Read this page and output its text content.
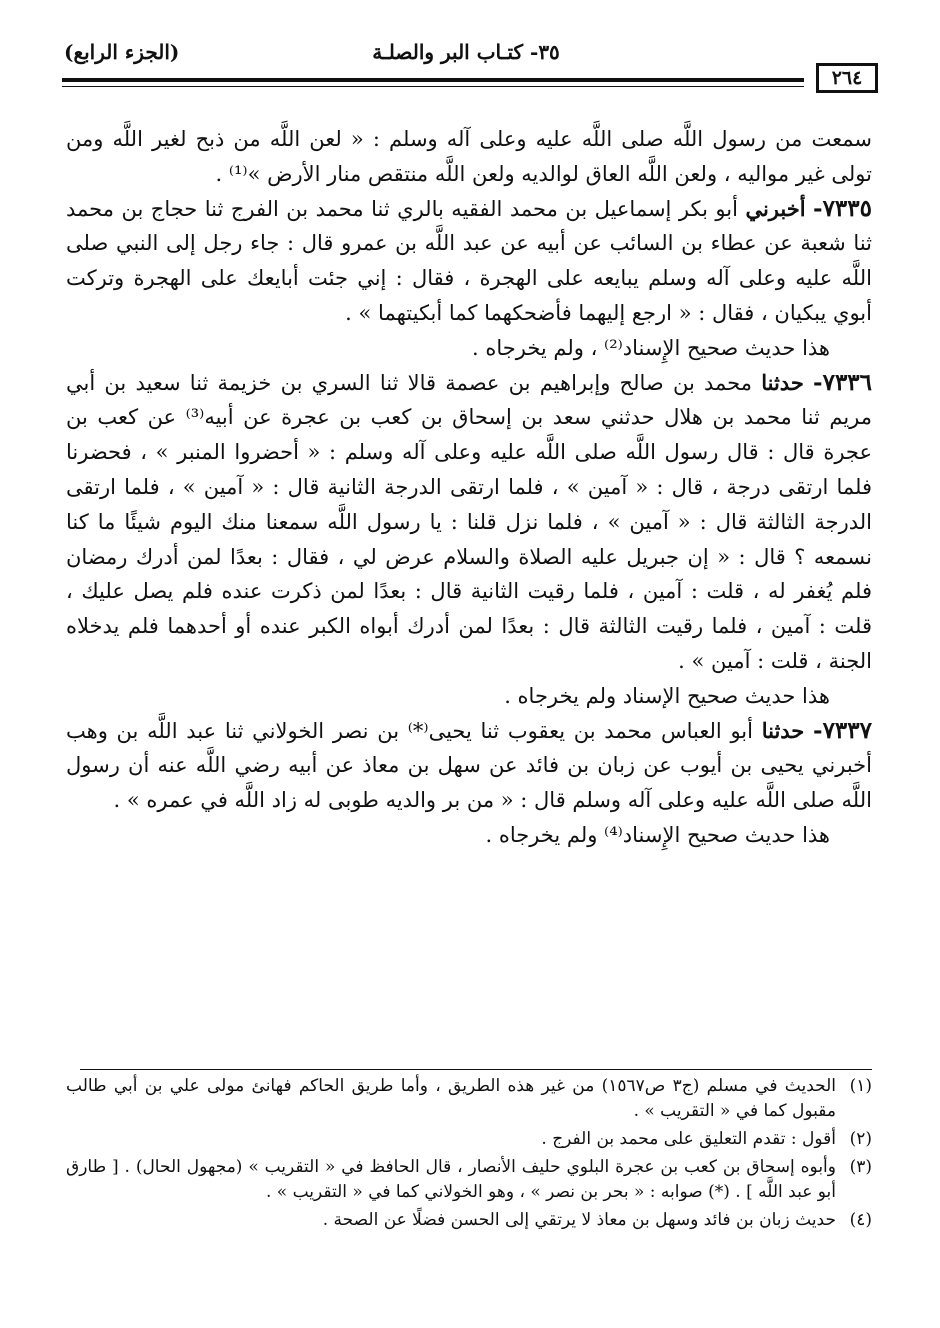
٣٥- كتـاب البر والصلـة
(الجزء الرابع)
٢٦٤

سمعت من رسول اللَّه صلى اللَّه عليه وعلى آله وسلم : « لعن اللَّه من ذبح لغير اللَّه ومن تولى غير مواليه ، ولعن اللَّه العاق لوالديه ولعن اللَّه منتقص منار الأرض »⁽¹⁾ .

٧٣٣٥- أخبرني أبو بكر إسماعيل بن محمد الفقيه بالري ثنا محمد بن الفرج ثنا حجاج بن محمد ثنا شعبة عن عطاء بن السائب عن أبيه عن عبد اللَّه بن عمرو قال : جاء رجل إلى النبي صلى اللَّه عليه وعلى آله وسلم يبايعه على الهجرة ، فقال : إني جئت أبايعك على الهجرة وتركت أبوي يبكيان ، فقال : « ارجع إليهما فأضحكهما كما أبكيتهما » .

هذا حديث صحيح الإِسناد⁽²⁾ ، ولم يخرجاه .

٧٣٣٦- حدثنا محمد بن صالح وإبراهيم بن عصمة قالا ثنا السري بن خزيمة ثنا سعيد بن أبي مريم ثنا محمد بن هلال حدثني سعد بن إسحاق بن كعب بن عجرة عن أبيه⁽³⁾ عن كعب بن عجرة قال : قال رسول اللَّه صلى اللَّه عليه وعلى آله وسلم : « أحضروا المنبر » ، فحضرنا فلما ارتقى درجة ، قال : « آمين » ، فلما ارتقى الدرجة الثانية قال : « آمين » ، فلما ارتقى الدرجة الثالثة قال : « آمين » ، فلما نزل قلنا : يا رسول اللَّه سمعنا منك اليوم شيئًا ما كنا نسمعه ؟ قال : « إن جبريل عليه الصلاة والسلام عرض لي ، فقال : بعدًا لمن أدرك رمضان فلم يُغفر له ، قلت : آمين ، فلما رقيت الثانية قال : بعدًا لمن ذكرت عنده فلم يصل عليك ، قلت : آمين ، فلما رقيت الثالثة قال : بعدًا لمن أدرك أبواه الكبر عنده أو أحدهما فلم يدخلاه الجنة ، قلت : آمين » .

هذا حديث صحيح الإسناد ولم يخرجاه .

٧٣٣٧- حدثنا أبو العباس محمد بن يعقوب ثنا يحيى⁽*⁾ بن نصر الخولاني ثنا عبد اللَّه بن وهب أخبرني يحيى بن أيوب عن زبان بن فائد عن سهل بن معاذ عن أبيه رضي اللَّه عنه أن رسول اللَّه صلى اللَّه عليه وعلى آله وسلم قال : « من بر والديه طوبى له زاد اللَّه في عمره » .

هذا حديث صحيح الإِسناد⁽⁴⁾ ولم يخرجاه .

(١)
الحديث في مسلم (ج٣ ص١٥٦٧) من غير هذه الطريق ، وأما طريق الحاكم فهانئ مولى علي بن أبي طالب مقبول كما في « التقريب » .
(٢)
أقول : تقدم التعليق على محمد بن الفرج .
(٣)
وأبوه إسحاق بن كعب بن عجرة البلوي حليف الأنصار ، قال الحافظ في « التقريب » (مجهول الحال) . [ طارق أبو عبد اللَّه ] . (*) صوابه : « بحر بن نصر » ، وهو الخولاني كما في « التقريب » .
(٤)
حديث زبان بن فائد وسهل بن معاذ لا يرتقي إلى الحسن فضلًا عن الصحة .
